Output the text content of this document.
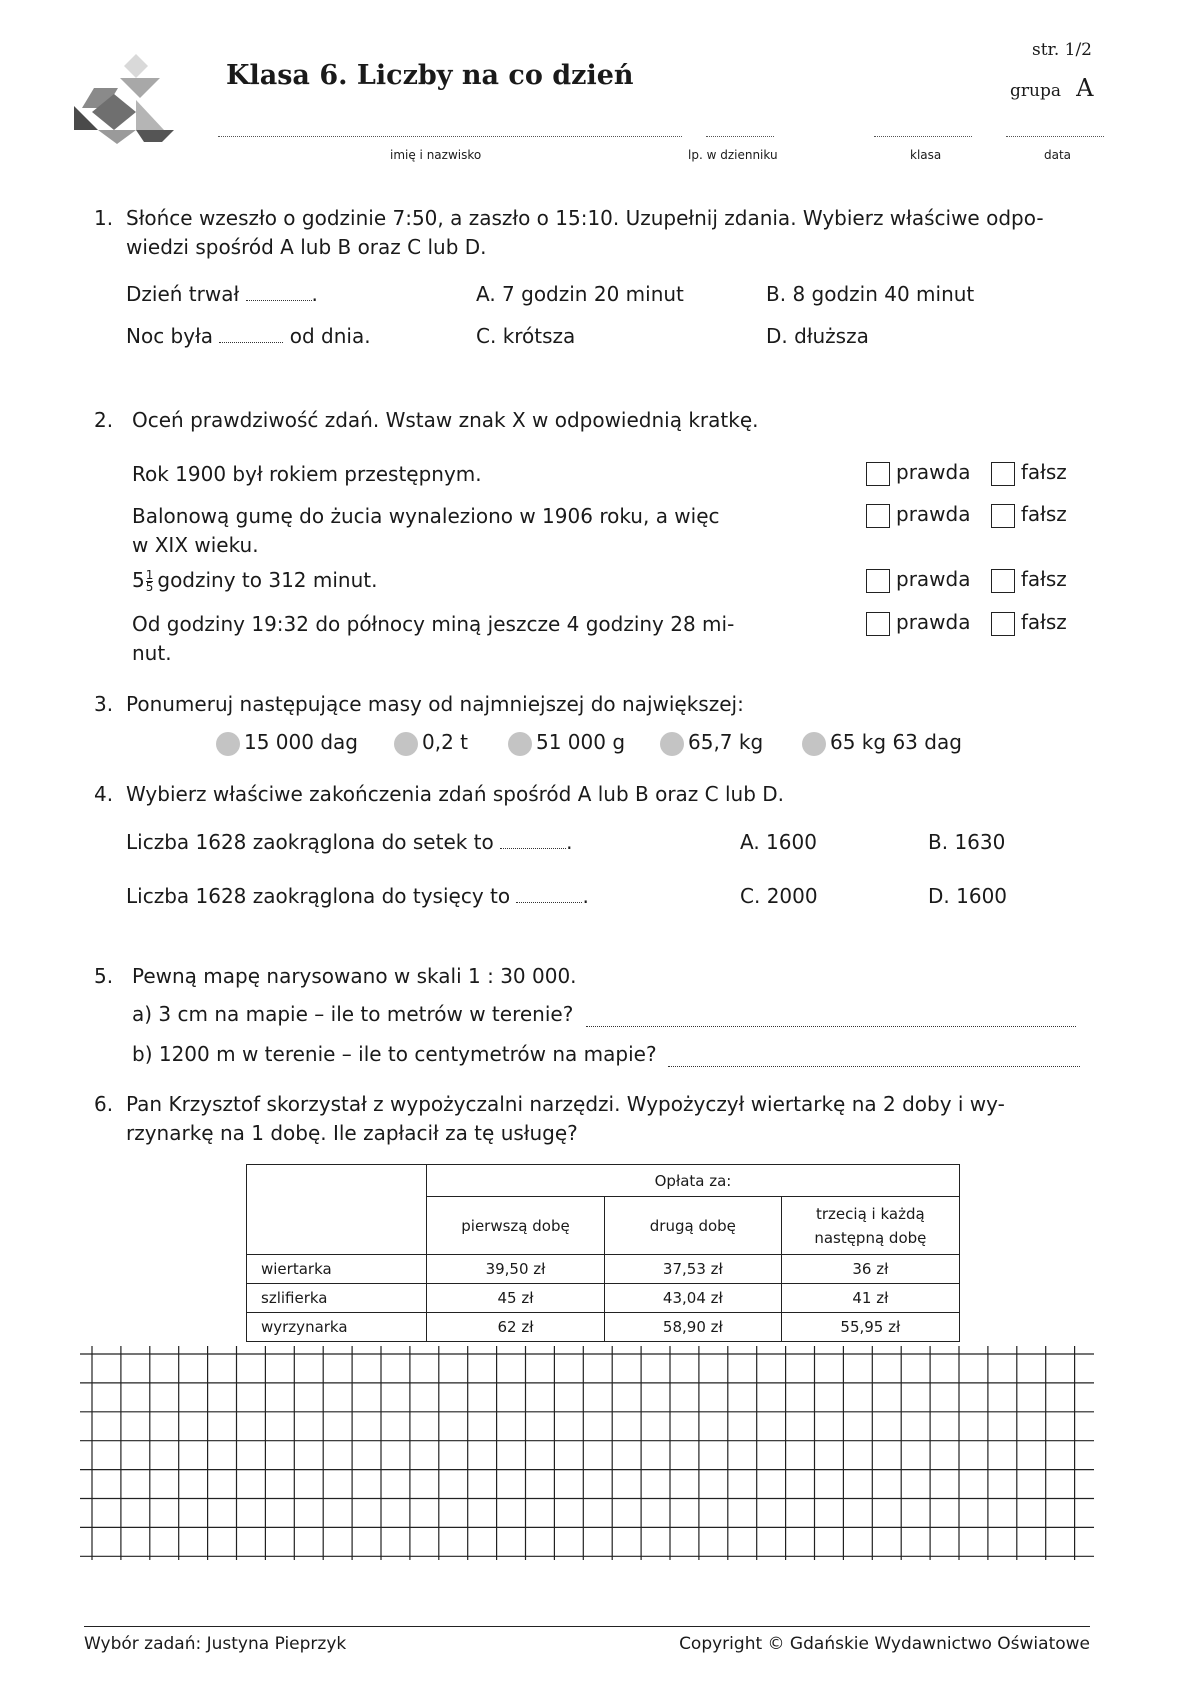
Klasa 6. Liczby na co dzień
str. 1/2
grupa A
imię i nazwisko	lp. w dzienniku	klasa	data
1. Słońce wzeszło o godzinie 7:50, a zaszło o 15:10. Uzupełnij zdania. Wybierz właściwe odpo-
wiedzi spośród A lub B oraz C lub D.
Dzień trwał	.
Noc była	od dnia.
A. 7 godzin 20 minut	B. 8 godzin 40 minut
C. krótsza	D. dłuższa
2. Oceń prawdziwość zdań. Wstaw znak X w odpowiednią kratkę.
Rok 1900 był rokiem przestępnym.
Balonową gumę do żucia wynaleziono w 1906 roku, a więc
w XIX wieku.
$5 \frac{1}{5}$ godziny to 312 minut.
Od godziny 19:32 do północy miną jeszcze 4 godziny 28 mi-
nut.
prawda	fałsz
prawda	fałsz
prawda	fałsz
prawda	fałsz
3. Ponumeruj następujące masy od najmniejszej do największej:
15 000 dag	0,2 t	51 000 g	65,7 kg	65 kg 63 dag
4. Wybierz właściwe zakończenia zdań spośród A lub B oraz C lub D.
Liczba 1628 zaokrąglona do setek to	.
Liczba 1628 zaokrąglona do tysięcy to	.
A. 1600	B. 1630
C. 2000	D. 1600
5. Pewną mapę narysowano w skali 1 : 30 000.
a) 3 cm na mapie – ile to metrów w terenie?
b) 1200 m w terenie – ile to centymetrów na mapie?
6. Pan Krzysztof skorzystał z wypożyczalni narzędzi. Wypożyczył wiertarkę na 2 doby i wy-
rzynarkę na 1 dobę. Ile zapłacił za tę usługę?
	Opłata za:		
	pierwszą dobę	drugą dobę	trzecią i każdą
następną dobę
wiertarka	39,50 zł	37,53 zł	36 zł
szlifierka	45 zł	43,04 zł	41 zł
wyrzynarka	62 zł	58,90 zł	55,95 zł
Wybór zadań: Justyna Pieprzyk	Copyright © Gdańskie Wydawnictwo Oświatowe
